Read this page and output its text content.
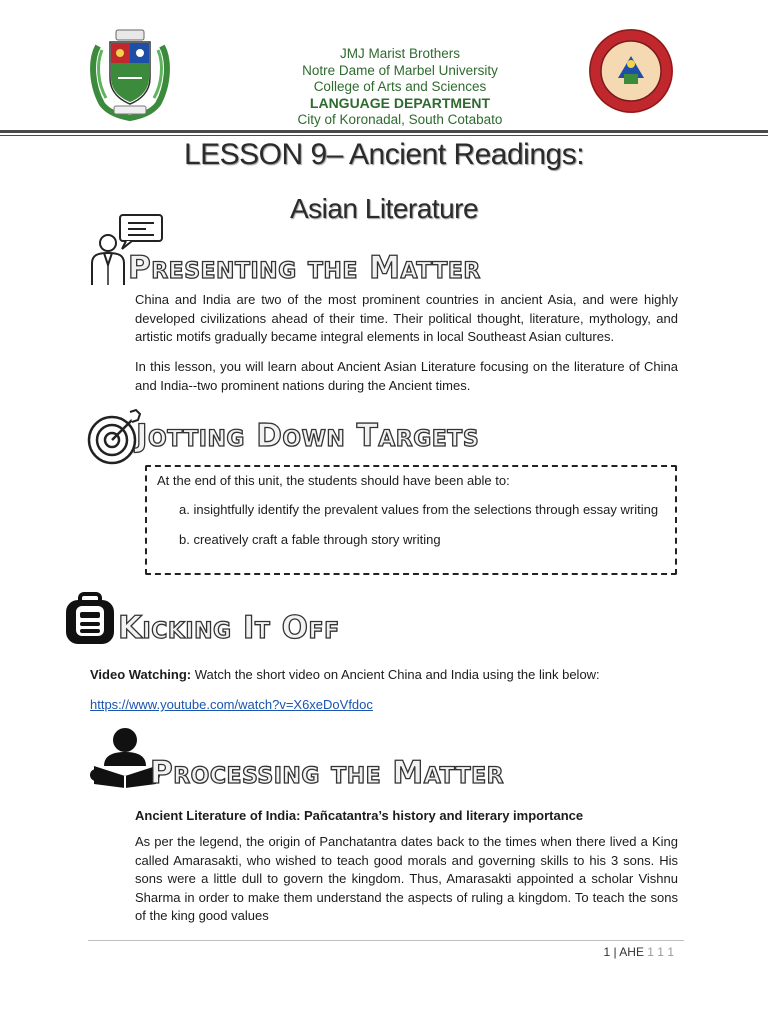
JMJ Marist Brothers
Notre Dame of Marbel University
College of Arts and Sciences
LANGUAGE DEPARTMENT
City of Koronadal, South Cotabato
LESSON 9– Ancient Readings:
Asian Literature
Presenting the Matter
China and India are two of the most prominent countries in ancient Asia, and were highly developed civilizations ahead of their time. Their political thought, literature, mythology, and artistic motifs gradually became integral elements in local Southeast Asian cultures.
In this lesson, you will learn about Ancient Asian Literature focusing on the literature of China and India--two prominent nations during the Ancient times.
Jotting Down Targets
At the end of this unit, the students should have been able to:
a. insightfully identify the prevalent values from the selections through essay writing
b. creatively craft a fable through story writing
Kicking It Off
Video Watching: Watch the short video on Ancient China and India using the link below:
https://www.youtube.com/watch?v=X6xeDoVfdoc
Processing the Matter
Ancient Literature of India: Pañcatantra’s history and literary importance
As per the legend, the origin of Panchatantra dates back to the times when there lived a King called Amarasakti, who wished to teach good morals and governing skills to his 3 sons. His sons were a little dull to govern the kingdom. Thus, Amarasakti appointed a scholar Vishnu Sharma in order to make them understand the aspects of ruling a kingdom. To teach the sons of the king good values
1 | AHE 1 1 1
